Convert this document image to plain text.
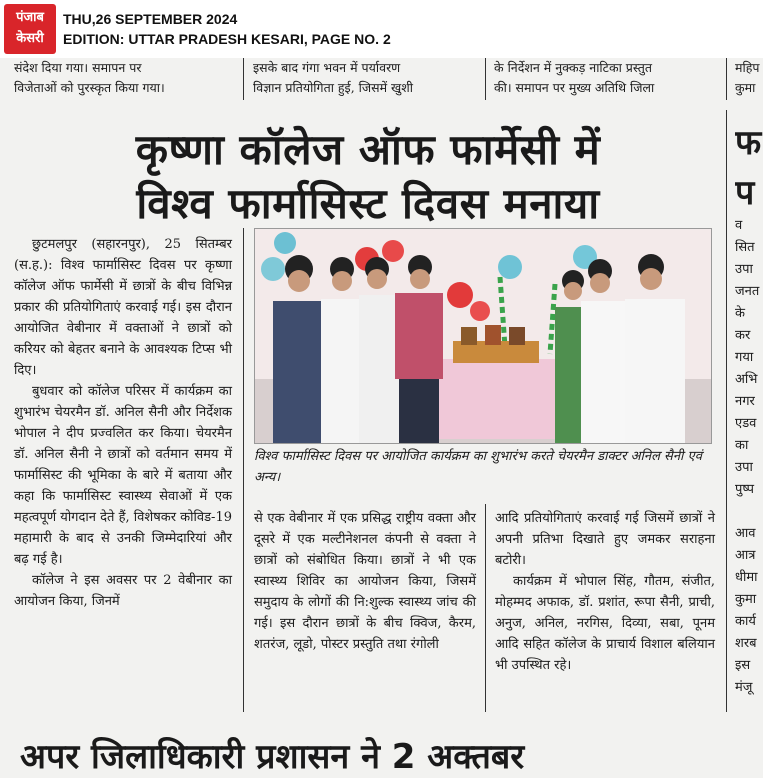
पंजाब
केसरी
THU,26 SEPTEMBER 2024
EDITION: UTTAR PRADESH KESARI, PAGE NO. 2
संदेश दिया गया। समापन पर
विजेताओं को पुरस्कृत किया गया।
इसके बाद गंगा भवन में पर्यावरण
विज्ञान प्रतियोगिता हुई, जिसमें खुशी
के निर्देशन में नुक्कड़ नाटिका प्रस्तुत
की। समापन पर मुख्य अतिथि जिला
महिप
कुमा
कृष्णा कॉलेज ऑफ फार्मेसी में
विश्व फार्मासिस्ट दिवस मनाया

छुटमलपुर (सहारनपुर), 25 सितम्बर (स.ह.): विश्व फार्मासिस्ट दिवस पर कृष्णा कॉलेज ऑफ फार्मेसी में छात्रों के बीच विभिन्न प्रकार की प्रतियोगिताएं करवाई गई। इस दौरान आयोजित वेबीनार में वक्ताओं ने छात्रों को करियर को बेहतर बनाने के आवश्यक टिप्स भी दिए।

बुधवार को कॉलेज परिसर में कार्यक्रम का शुभारंभ चेयरमैन डॉ. अनिल सैनी और निर्देशक भोपाल ने दीप प्रज्वलित कर किया। चेयरमैन डॉ. अनिल सैनी ने छात्रों को वर्तमान समय में फार्मासिस्ट की भूमिका के बारे में बताया और कहा कि फार्मासिस्ट स्वास्थ्य सेवाओं में एक महत्वपूर्ण योगदान देते हैं, विशेषकर कोविड-19 महामारी के बाद से उनकी जिम्मेदारियां और बढ़ गई है।

कॉलेज ने इस अवसर पर 2 वेबीनार का आयोजन किया, जिनमें

विश्व फार्मासिस्ट दिवस पर आयोजित कार्यक्रम का शुभारंभ करते चेयरमैन डाक्टर अनिल सैनी एवं अन्य।

से एक वेबीनार में एक प्रसिद्ध राष्ट्रीय वक्ता और दूसरे में एक मल्टीनेशनल कंपनी से वक्ता ने छात्रों को संबोधित किया। छात्रों ने भी एक स्वास्थ्य शिविर का आयोजन किया, जिसमें समुदाय के लोगों की नि:शुल्क स्वास्थ्य जांच की गई। इस दौरान छात्रों के बीच क्विज, कैरम, शतरंज, लूडो, पोस्टर प्रस्तुति तथा रंगोली

आदि प्रतियोगिताएं करवाई गई जिसमें छात्रों ने अपनी प्रतिभा दिखाते हुए जमकर सराहना बटोरी।

कार्यक्रम में भोपाल सिंह, गौतम, संजीत, मोहम्मद अफाक, डॉ. प्रशांत, रूपा सैनी, प्राची, अनुज, अनिल, नरगिस, दिव्या, सबा, पूनम आदि सहित कॉलेज के प्राचार्य विशाल बलियान भी उपस्थित रहे।

फ
प
व
सित
उपा
जनत
के
कर
गया
अभि
नगर
एडव
का
उपा
पुष्प

आव
आत्र
धीमा
कुमा
कार्य
शरब
इस
मंजू
अपर जिलाधिकारी प्रशासन ने 2 अक्तबर
